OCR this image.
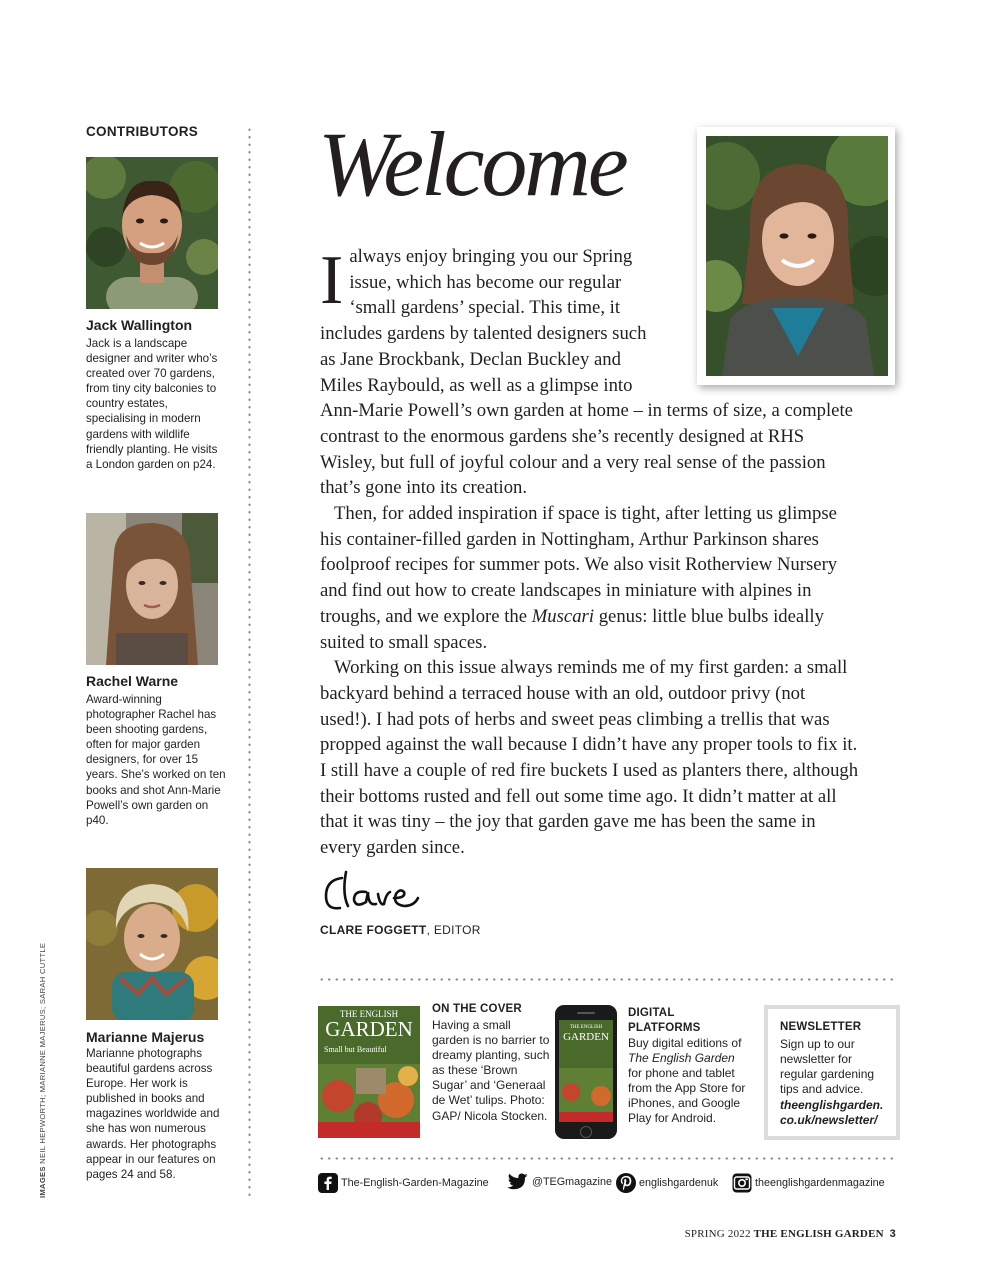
CONTRIBUTORS
Jack Wallington
Jack is a landscape designer and writer who’s created over 70 gardens, from tiny city balconies to country estates, specialising in modern gardens with wildlife friendly planting. He visits a London garden on p24.
Rachel Warne
Award-winning photographer Rachel has been shooting gardens, often for major garden designers, for over 15 years. She’s worked on ten books and shot Ann-Marie Powell’s own garden on p40.
Marianne Majerus
Marianne photographs beautiful gardens across Europe. Her work is published in books and magazines worldwide and she has won numerous awards. Her photographs appear in our features on pages 24 and 58.
IMAGES NEIL HEPWORTH; MARIANNE MAJERUS; SARAH CUTTLE
Welcome

Ialways enjoy bringing you our Spring issue, which has become our regular ‘small gardens’ special. This time, it includes gardens by talented designers such as Jane Brockbank, Declan Buckley and Miles Raybould, as well as a glimpse into Ann-Marie Powell’s own garden at home – in terms of size, a complete contrast to the enormous gardens she’s recently designed at RHS Wisley, but full of joyful colour and a very real sense of the passion that’s gone into its creation.

Then, for added inspiration if space is tight, after letting us glimpse his container-filled garden in Nottingham, Arthur Parkinson shares foolproof recipes for summer pots. We also visit Rotherview Nursery and find out how to create landscapes in miniature with alpines in troughs, and we explore the Muscari genus: little blue bulbs ideally suited to small spaces.

Working on this issue always reminds me of my first garden: a small backyard behind a terraced house with an old, outdoor privy (not used!). I had pots of herbs and sweet peas climbing a trellis that was propped against the wall because I didn’t have any proper tools to fix it. I still have a couple of red fire buckets I used as planters there, although their bottoms rusted and fell out some time ago. It didn’t matter at all that it was tiny – the joy that garden gave me has been the same in every garden since.

CLARE FOGGETT, EDITOR
THE ENGLISH
GARDEN
Small but Beautiful
ON THE COVER
Having a small garden is no barrier to dreamy planting, such as these ‘Brown Sugar’ and ‘Generaal de Wet’ tulips. Photo: GAP/ Nicola Stocken.
THE ENGLISH
GARDEN
DIGITAL
PLATFORMS
Buy digital editions of The English Garden for phone and tablet from the App Store for iPhones, and Google Play for Android.
NEWSLETTER
Sign up to our newsletter for regular gardening tips and advice.
theenglishgarden.
co.uk/newsletter/
The-English-Garden-Magazine	@TEGmagazine	englishgardenuk	theenglishgardenmagazine
SPRING 2022 THE ENGLISH GARDEN 3
